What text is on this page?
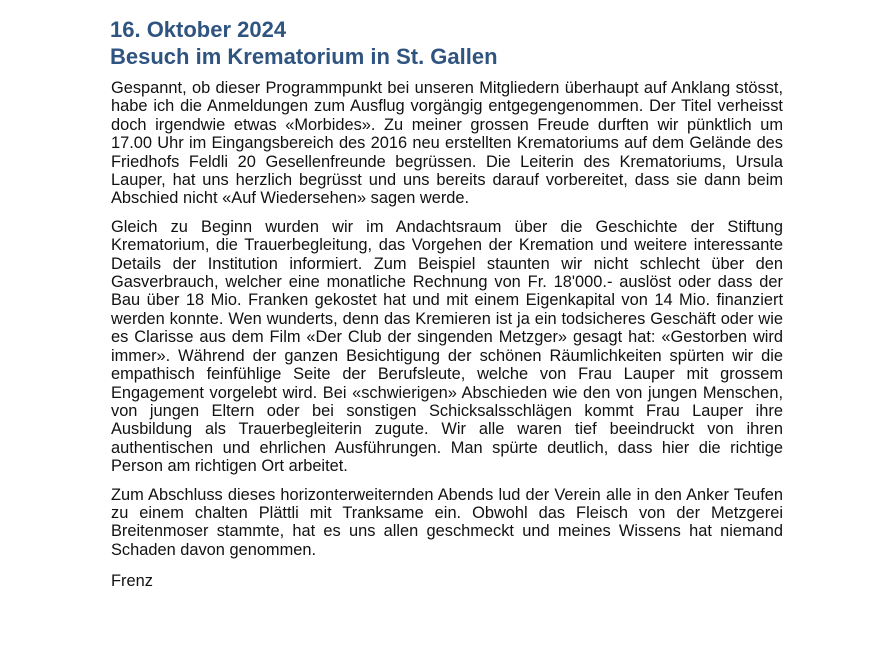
16. Oktober 2024
Besuch im Krematorium in St. Gallen

Gespannt, ob dieser Programmpunkt bei unseren Mitgliedern überhaupt auf Anklang stösst, habe ich die Anmeldungen zum Ausflug vorgängig entgegengenommen. Der Titel verheisst doch irgendwie etwas «Morbides». Zu meiner grossen Freude durften wir pünktlich um 17.00 Uhr im Eingangsbereich des 2016 neu erstellten Krematoriums auf dem Gelände des Friedhofs Feldli 20 Gesellenfreunde begrüssen. Die Leiterin des Krematoriums, Ursula Lauper, hat uns herzlich begrüsst und uns bereits darauf vorbereitet, dass sie dann beim Abschied nicht «Auf Wiedersehen» sagen werde.

Gleich zu Beginn wurden wir im Andachtsraum über die Geschichte der Stiftung Krematorium, die Trauerbegleitung, das Vorgehen der Kremation und weitere interessante Details der Institution informiert. Zum Beispiel staunten wir nicht schlecht über den Gasverbrauch, welcher eine monatliche Rechnung von Fr. 18'000.- auslöst oder dass der Bau über 18 Mio. Franken gekostet hat und mit einem Eigenkapital von 14 Mio. finanziert werden konnte. Wen wunderts, denn das Kremieren ist ja ein todsicheres Geschäft oder wie es Clarisse aus dem Film «Der Club der singenden Metzger» gesagt hat: «Gestorben wird immer». Während der ganzen Besichtigung der schönen Räumlichkeiten spürten wir die empathisch feinfühlige Seite der Berufsleute, welche von Frau Lauper mit grossem Engagement vorgelebt wird. Bei «schwierigen» Abschieden wie den von jungen Menschen, von jungen Eltern oder bei sonstigen Schicksalsschlägen kommt Frau Lauper ihre Ausbildung als Trauerbegleiterin zugute. Wir alle waren tief beeindruckt von ihren authentischen und ehrlichen Ausführungen. Man spürte deutlich, dass hier die richtige Person am richtigen Ort arbeitet.

Zum Abschluss dieses horizonterweiternden Abends lud der Verein alle in den Anker Teufen zu einem chalten Plättli mit Tranksame ein. Obwohl das Fleisch von der Metzgerei Breitenmoser stammte, hat es uns allen geschmeckt und meines Wissens hat niemand Schaden davon genommen.

Frenz
